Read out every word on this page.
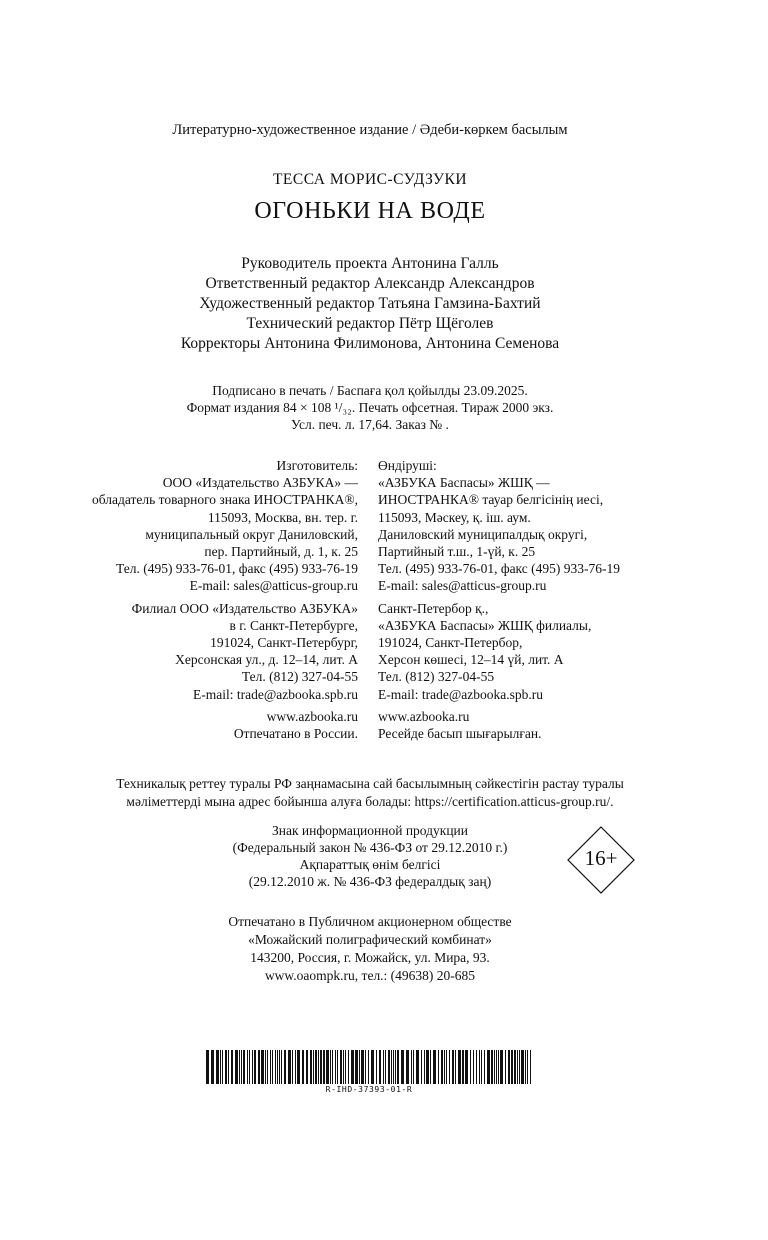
Литературно-художественное издание / Әдеби-көркем басылым
ТЕССА МОРИС-СУДЗУКИ
ОГОНЬКИ НА ВОДЕ
Руководитель проекта Антонина Галль
Ответственный редактор Александр Александров
Художественный редактор Татьяна Гамзина-Бахтий
Технический редактор Пётр Щёголев
Корректоры Антонина Филимонова, Антонина Семенова
Подписано в печать / Баспаға қол қойылды 23.09.2025.
Формат издания 84 × 108 ¹/₃₂. Печать офсетная. Тираж 2000 экз.
Усл. печ. л. 17,64. Заказ № .
Изготовитель:
ООО «Издательство АЗБУКА» —
обладатель товарного знака ИНОСТРАНКА®,
115093, Москва, вн. тер. г.
муниципальный округ Даниловский,
пер. Партийный, д. 1, к. 25
Тел. (495) 933-76-01, факс (495) 933-76-19
E-mail: sales@atticus-group.ru
Филиал ООО «Издательство АЗБУКА»
в г. Санкт-Петербурге,
191024, Санкт-Петербург,
Херсонская ул., д. 12–14, лит. А
Тел. (812) 327-04-55
E-mail: trade@azbooka.spb.ru
www.azbooka.ru
Отпечатано в России.
Өндіруші:
«АЗБУКА Баспасы» ЖШҚ —
ИНОСТРАНКА® тауар белгісінің иесі,
115093, Мәскеу, қ. іш. аум.
Даниловский муниципалдық округі,
Партийный т.ш., 1-үй, к. 25
Тел. (495) 933-76-01, факс (495) 933-76-19
E-mail: sales@atticus-group.ru
Санкт-Петербор қ.,
«АЗБУКА Баспасы» ЖШҚ филиалы,
191024, Санкт-Петербор,
Херсон көшесі, 12–14 үй, лит. А
Тел. (812) 327-04-55
E-mail: trade@azbooka.spb.ru
www.azbooka.ru
Ресейде басып шығарылған.
Техникалық реттеу туралы РФ заңнамасына сай басылымның сәйкестігін растау туралы
мәліметтерді мына адрес бойынша алуға болады: https://certification.atticus-group.ru/.
Знак информационной продукции
(Федеральный закон № 436-ФЗ от 29.12.2010 г.)
Ақпараттық өнім белгісі
(29.12.2010 ж. № 436-ФЗ федералдық заң)
16+
Отпечатано в Публичном акционерном обществе
«Можайский полиграфический комбинат»
143200, Россия, г. Можайск, ул. Мира, 93.
www.oaompk.ru, тел.: (49638) 20-685
R-IHD-37393-01-R
